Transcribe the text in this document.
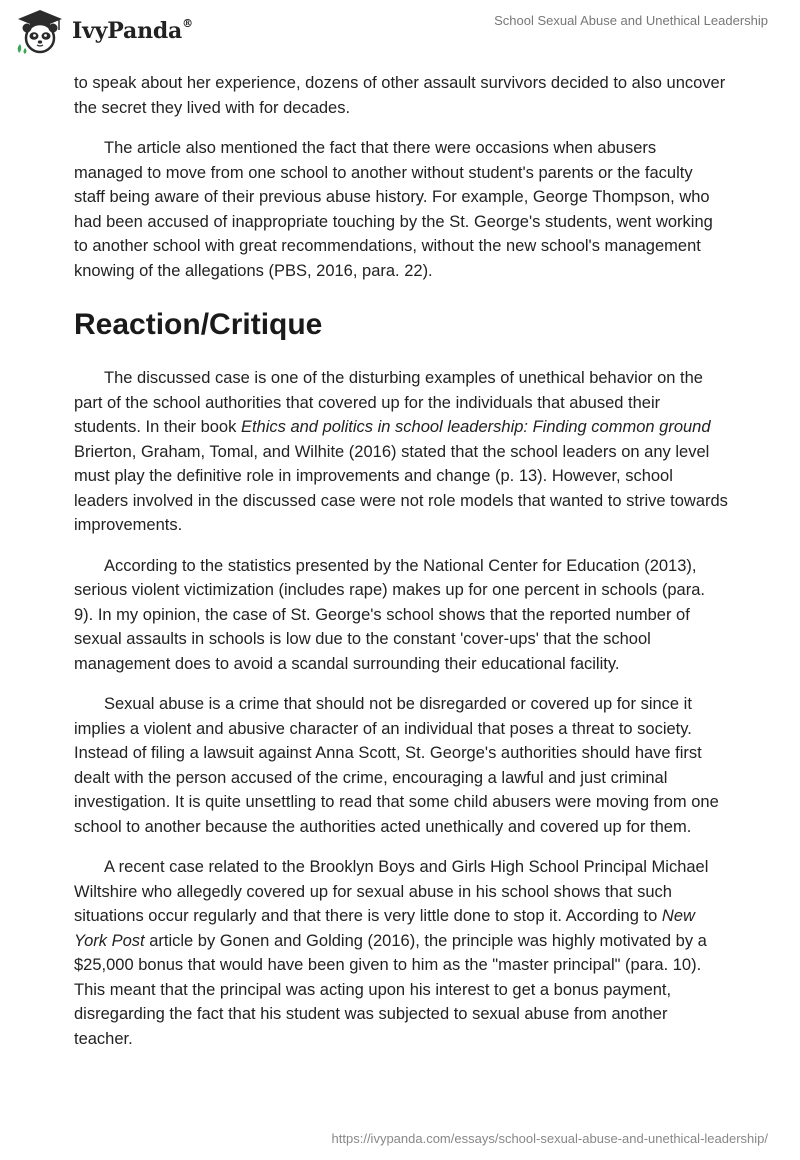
IvyPanda®	School Sexual Abuse and Unethical Leadership

to speak about her experience, dozens of other assault survivors decided to also uncover the secret they lived with for decades.

The article also mentioned the fact that there were occasions when abusers managed to move from one school to another without student's parents or the faculty staff being aware of their previous abuse history. For example, George Thompson, who had been accused of inappropriate touching by the St. George's students, went working to another school with great recommendations, without the new school's management knowing of the allegations (PBS, 2016, para. 22).

Reaction/Critique

The discussed case is one of the disturbing examples of unethical behavior on the part of the school authorities that covered up for the individuals that abused their students. In their book Ethics and politics in school leadership: Finding common ground Brierton, Graham, Tomal, and Wilhite (2016) stated that the school leaders on any level must play the definitive role in improvements and change (p. 13). However, school leaders involved in the discussed case were not role models that wanted to strive towards improvements.

According to the statistics presented by the National Center for Education (2013), serious violent victimization (includes rape) makes up for one percent in schools (para. 9). In my opinion, the case of St. George's school shows that the reported number of sexual assaults in schools is low due to the constant 'cover-ups' that the school management does to avoid a scandal surrounding their educational facility.

Sexual abuse is a crime that should not be disregarded or covered up for since it implies a violent and abusive character of an individual that poses a threat to society. Instead of filing a lawsuit against Anna Scott, St. George's authorities should have first dealt with the person accused of the crime, encouraging a lawful and just criminal investigation. It is quite unsettling to read that some child abusers were moving from one school to another because the authorities acted unethically and covered up for them.

A recent case related to the Brooklyn Boys and Girls High School Principal Michael Wiltshire who allegedly covered up for sexual abuse in his school shows that such situations occur regularly and that there is very little done to stop it. According to New York Post article by Gonen and Golding (2016), the principle was highly motivated by a $25,000 bonus that would have been given to him as the "master principal" (para. 10). This meant that the principal was acting upon his interest to get a bonus payment, disregarding the fact that his student was subjected to sexual abuse from another teacher.

https://ivypanda.com/essays/school-sexual-abuse-and-unethical-leadership/
